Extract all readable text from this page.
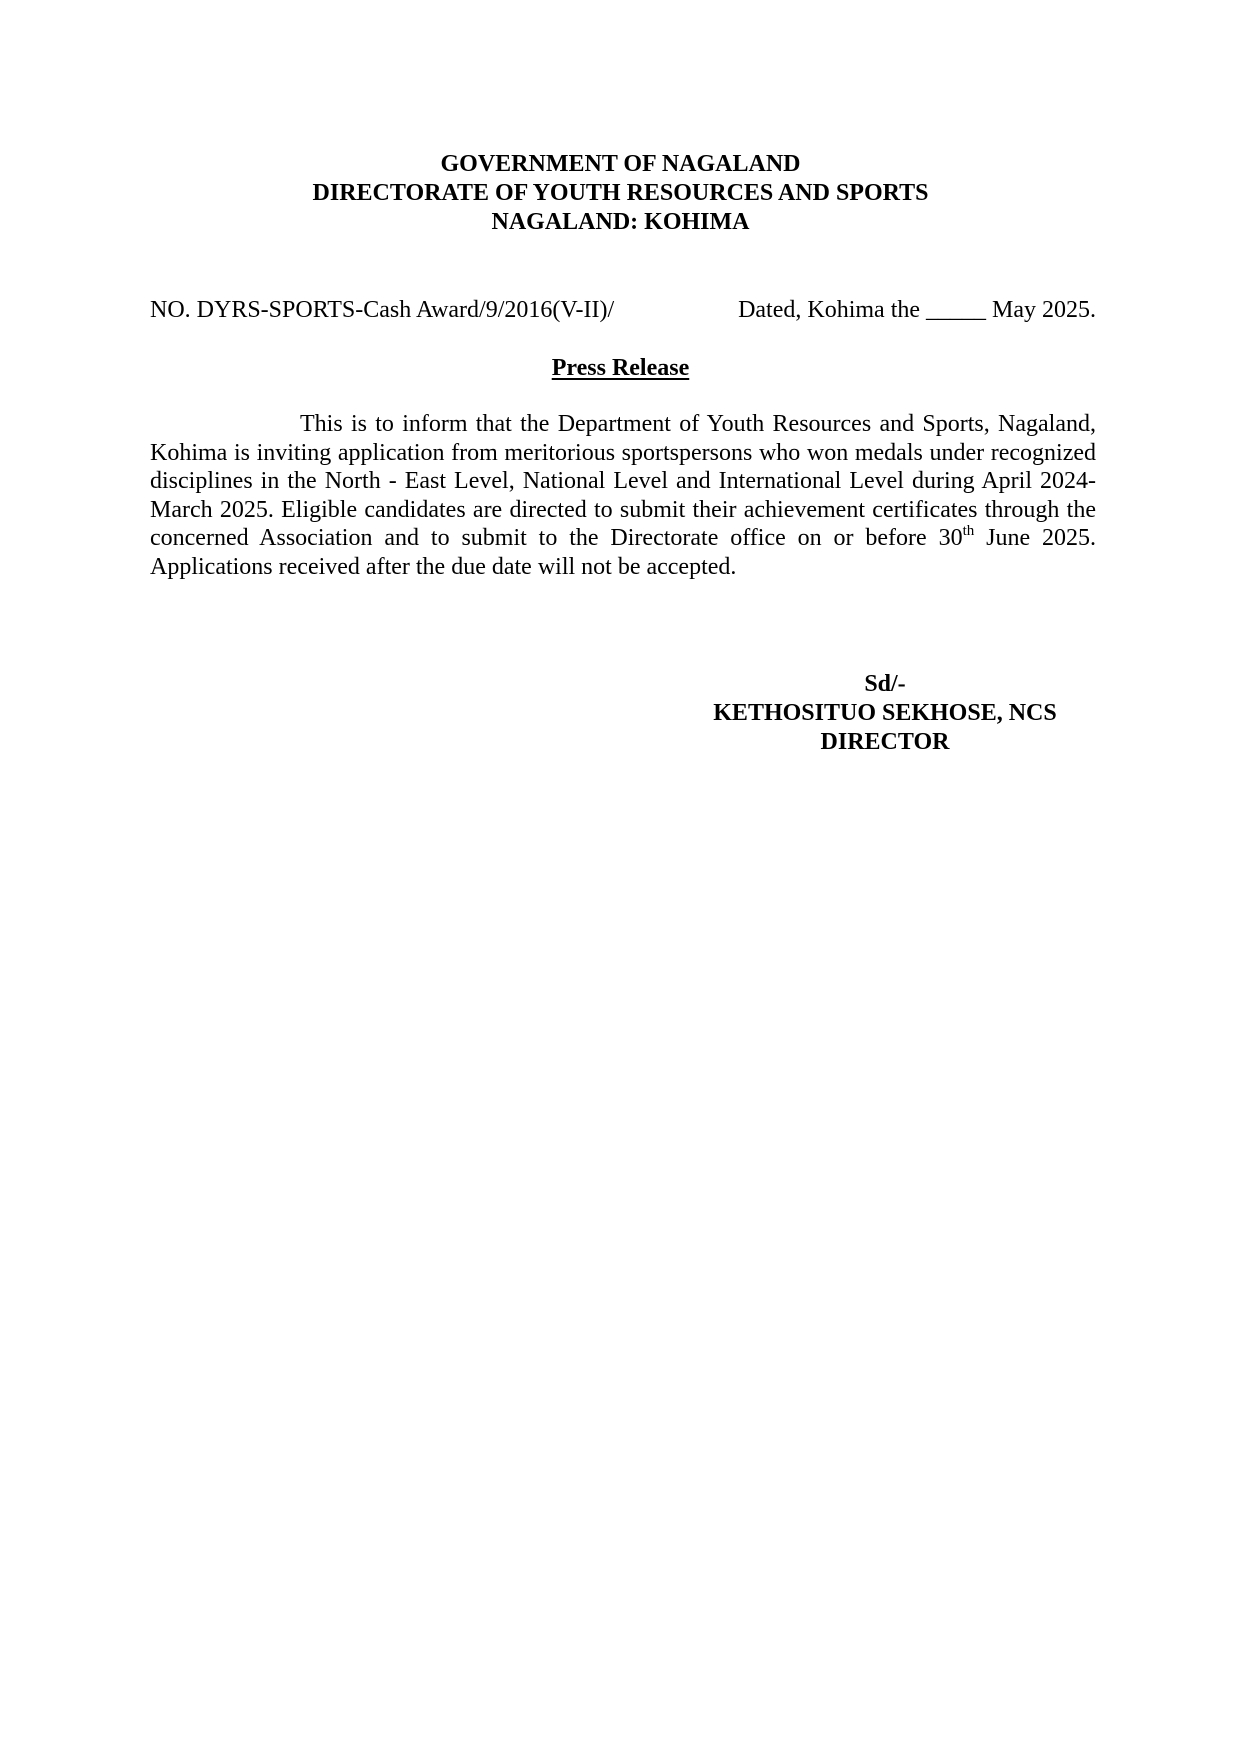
GOVERNMENT OF NAGALAND
DIRECTORATE OF YOUTH RESOURCES AND SPORTS
NAGALAND: KOHIMA
NO. DYRS-SPORTS-Cash Award/9/2016(V-II)/	Dated, Kohima the _____ May 2025.
Press Release

This is to inform that the Department of Youth Resources and Sports, Nagaland, Kohima is inviting application from meritorious sportspersons who won medals under recognized disciplines in the North - East Level, National Level and International Level during April 2024-March 2025. Eligible candidates are directed to submit their achievement certificates through the concerned Association and to submit to the Directorate office on or before 30th June 2025. Applications received after the due date will not be accepted.

Sd/-
KETHOSITUO SEKHOSE, NCS
DIRECTOR
